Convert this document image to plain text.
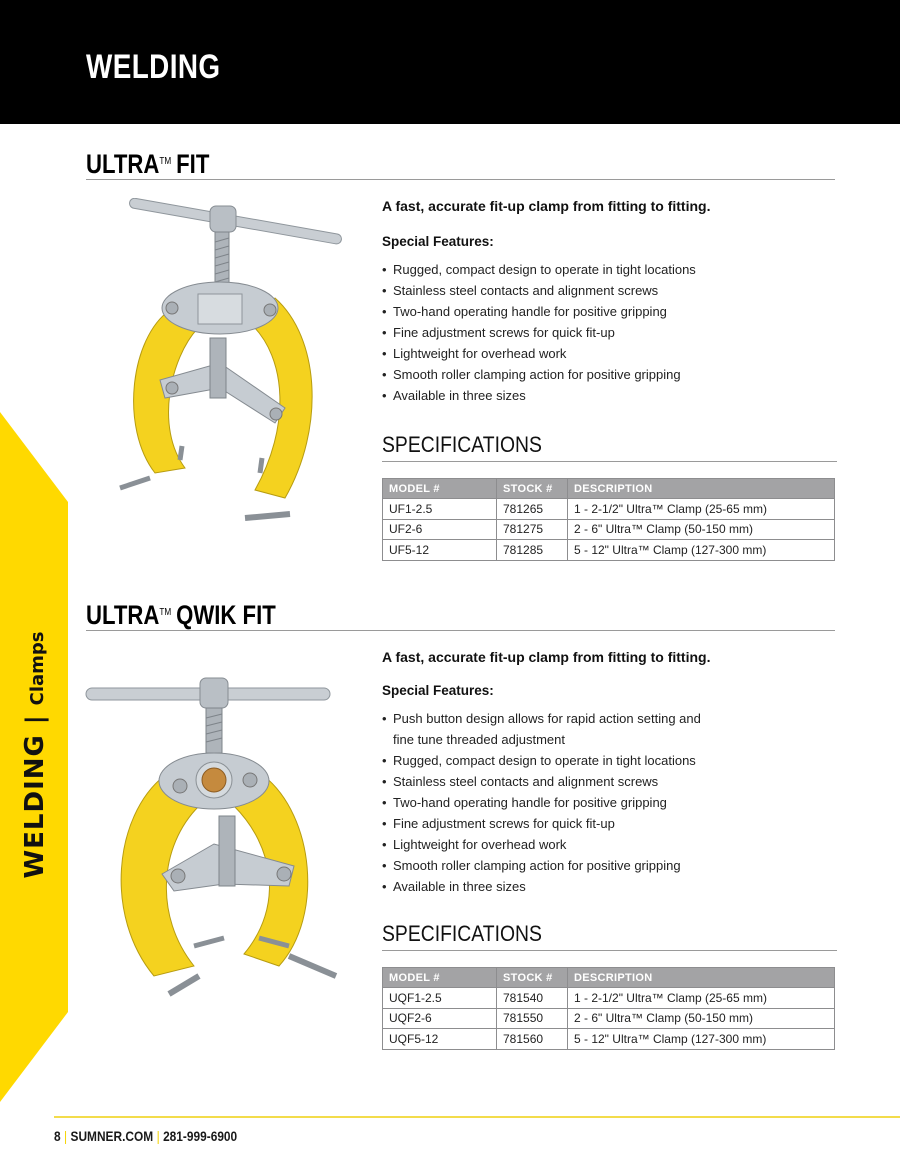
WELDING
WELDING
|
Clamps
ULTRA™ FIT
A fast, accurate fit-up clamp from fitting to fitting.
Special Features:
• Rugged, compact design to operate in tight locations
• Stainless steel contacts and alignment screws
• Two-hand operating handle for positive gripping
• Fine adjustment screws for quick fit-up
• Lightweight for overhead work
• Smooth roller clamping action for positive gripping
• Available in three sizes
SPECIFICATIONS
MODEL #	STOCK #	DESCRIPTION
UF1-2.5	781265	1 - 2-1/2" Ultra™ Clamp (25-65 mm)
UF2-6	781275	2 - 6" Ultra™ Clamp (50-150 mm)
UF5-12	781285	5 - 12" Ultra™ Clamp (127-300 mm)
ULTRA™ QWIK FIT
A fast, accurate fit-up clamp from fitting to fitting.
Special Features:
• Push button design allows for rapid action setting and fine tune threaded adjustment
• Rugged, compact design to operate in tight locations
• Stainless steel contacts and alignment screws
• Two-hand operating handle for positive gripping
• Fine adjustment screws for quick fit-up
• Lightweight for overhead work
• Smooth roller clamping action for positive gripping
• Available in three sizes
SPECIFICATIONS
MODEL #	STOCK #	DESCRIPTION
UQF1-2.5	781540	1 - 2-1/2" Ultra™ Clamp (25-65 mm)
UQF2-6	781550	2 - 6" Ultra™ Clamp (50-150 mm)
UQF5-12	781560	5 - 12" Ultra™ Clamp (127-300 mm)
8 | SUMNER.COM | 281-999-6900
